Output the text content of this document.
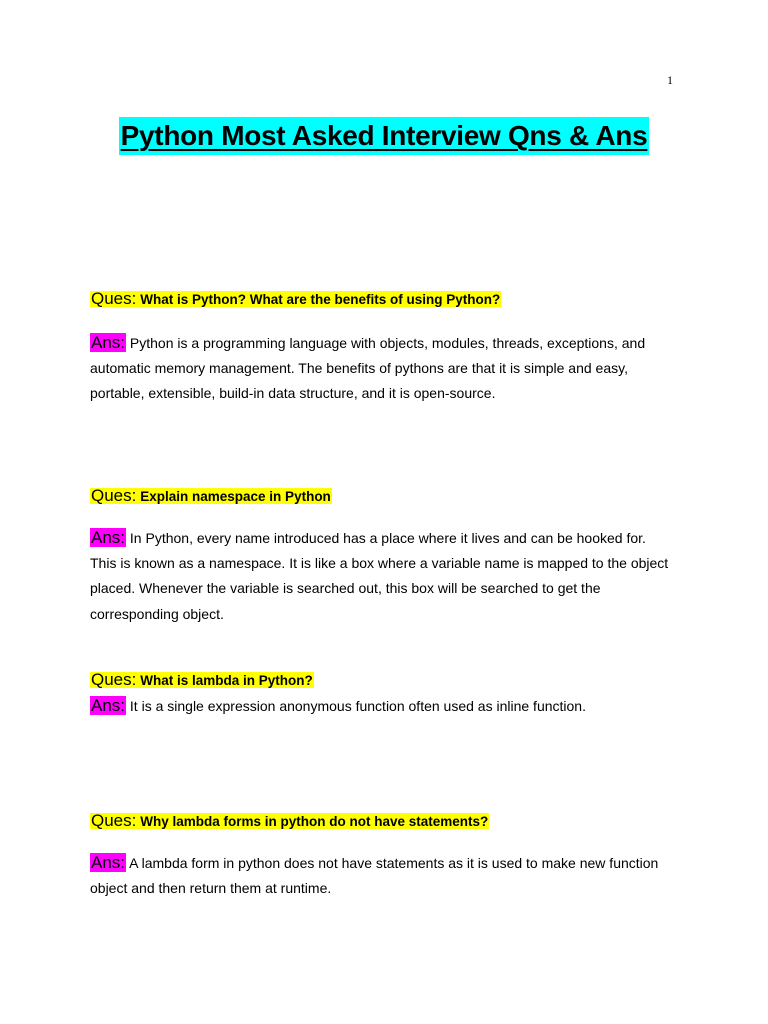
1
Python Most Asked Interview Qns & Ans
Ques: What is Python? What are the benefits of using Python?

Ans: Python is a programming language with objects, modules, threads, exceptions, and automatic memory management. The benefits of pythons are that it is simple and easy, portable, extensible, build-in data structure, and it is open-source.

Ques: Explain namespace in Python

Ans: In Python, every name introduced has a place where it lives and can be hooked for. This is known as a namespace. It is like a box where a variable name is mapped to the object placed. Whenever the variable is searched out, this box will be searched to get the corresponding object.

Ques: What is lambda in Python?

Ans: It is a single expression anonymous function often used as inline function.

Ques: Why lambda forms in python do not have statements?

Ans: A lambda form in python does not have statements as it is used to make new function object and then return them at runtime.
